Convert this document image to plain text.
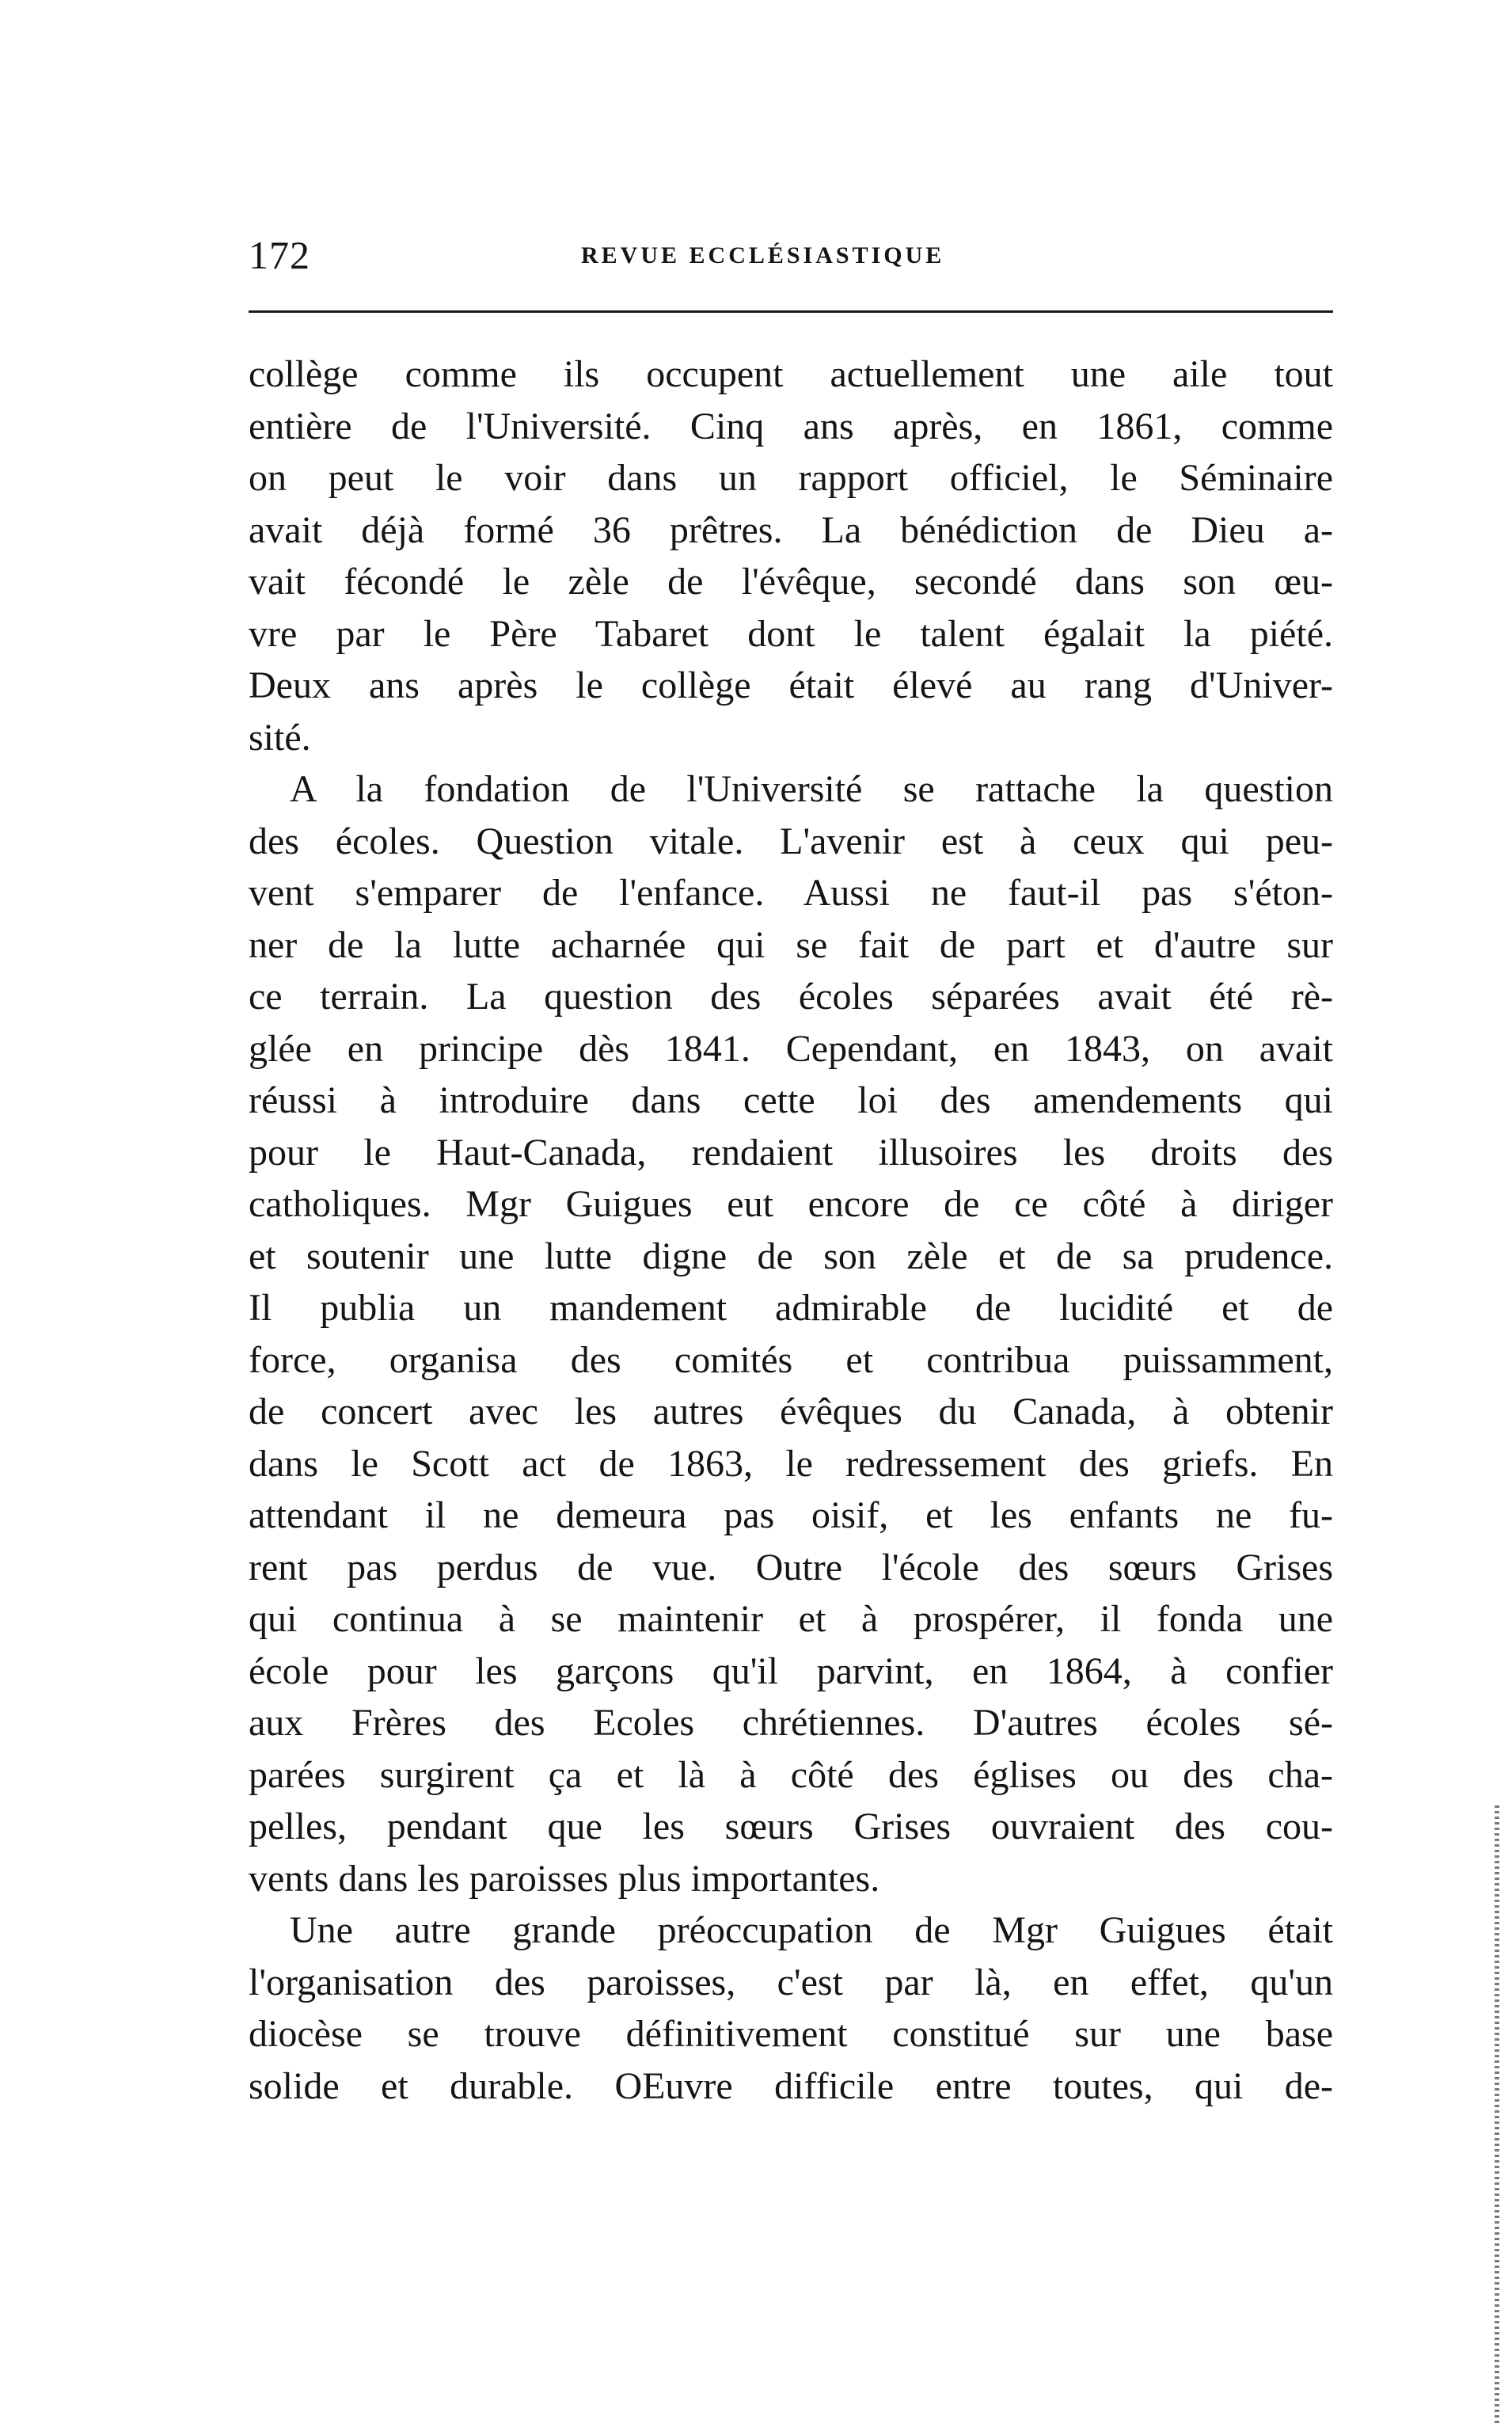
172	REVUE ECCLÉSIASTIQUE
collège comme ils occupent actuellement une aile tout
entière de l'Université. Cinq ans après, en 1861, comme
on peut le voir dans un rapport officiel, le Séminaire
avait déjà formé 36 prêtres. La bénédiction de Dieu a-
vait fécondé le zèle de l'évêque, secondé dans son œu-
vre par le Père Tabaret dont le talent égalait la piété.
Deux ans après le collège était élevé au rang d'Univer-
sité.
A la fondation de l'Université se rattache la question
des écoles. Question vitale. L'avenir est à ceux qui peu-
vent s'emparer de l'enfance. Aussi ne faut-il pas s'éton-
ner de la lutte acharnée qui se fait de part et d'autre sur
ce terrain. La question des écoles séparées avait été rè-
glée en principe dès 1841. Cependant, en 1843, on avait
réussi à introduire dans cette loi des amendements qui
pour le Haut-Canada, rendaient illusoires les droits des
catholiques. Mgr Guigues eut encore de ce côté à diriger
et soutenir une lutte digne de son zèle et de sa prudence.
Il publia un mandement admirable de lucidité et de
force, organisa des comités et contribua puissamment,
de concert avec les autres évêques du Canada, à obtenir
dans le Scott act de 1863, le redressement des griefs. En
attendant il ne demeura pas oisif, et les enfants ne fu-
rent pas perdus de vue. Outre l'école des sœurs Grises
qui continua à se maintenir et à prospérer, il fonda une
école pour les garçons qu'il parvint, en 1864, à confier
aux Frères des Ecoles chrétiennes. D'autres écoles sé-
parées surgirent ça et là à côté des églises ou des cha-
pelles, pendant que les sœurs Grises ouvraient des cou-
vents dans les paroisses plus importantes.
Une autre grande préoccupation de Mgr Guigues était
l'organisation des paroisses, c'est par là, en effet, qu'un
diocèse se trouve définitivement constitué sur une base
solide et durable. OEuvre difficile entre toutes, qui de-
